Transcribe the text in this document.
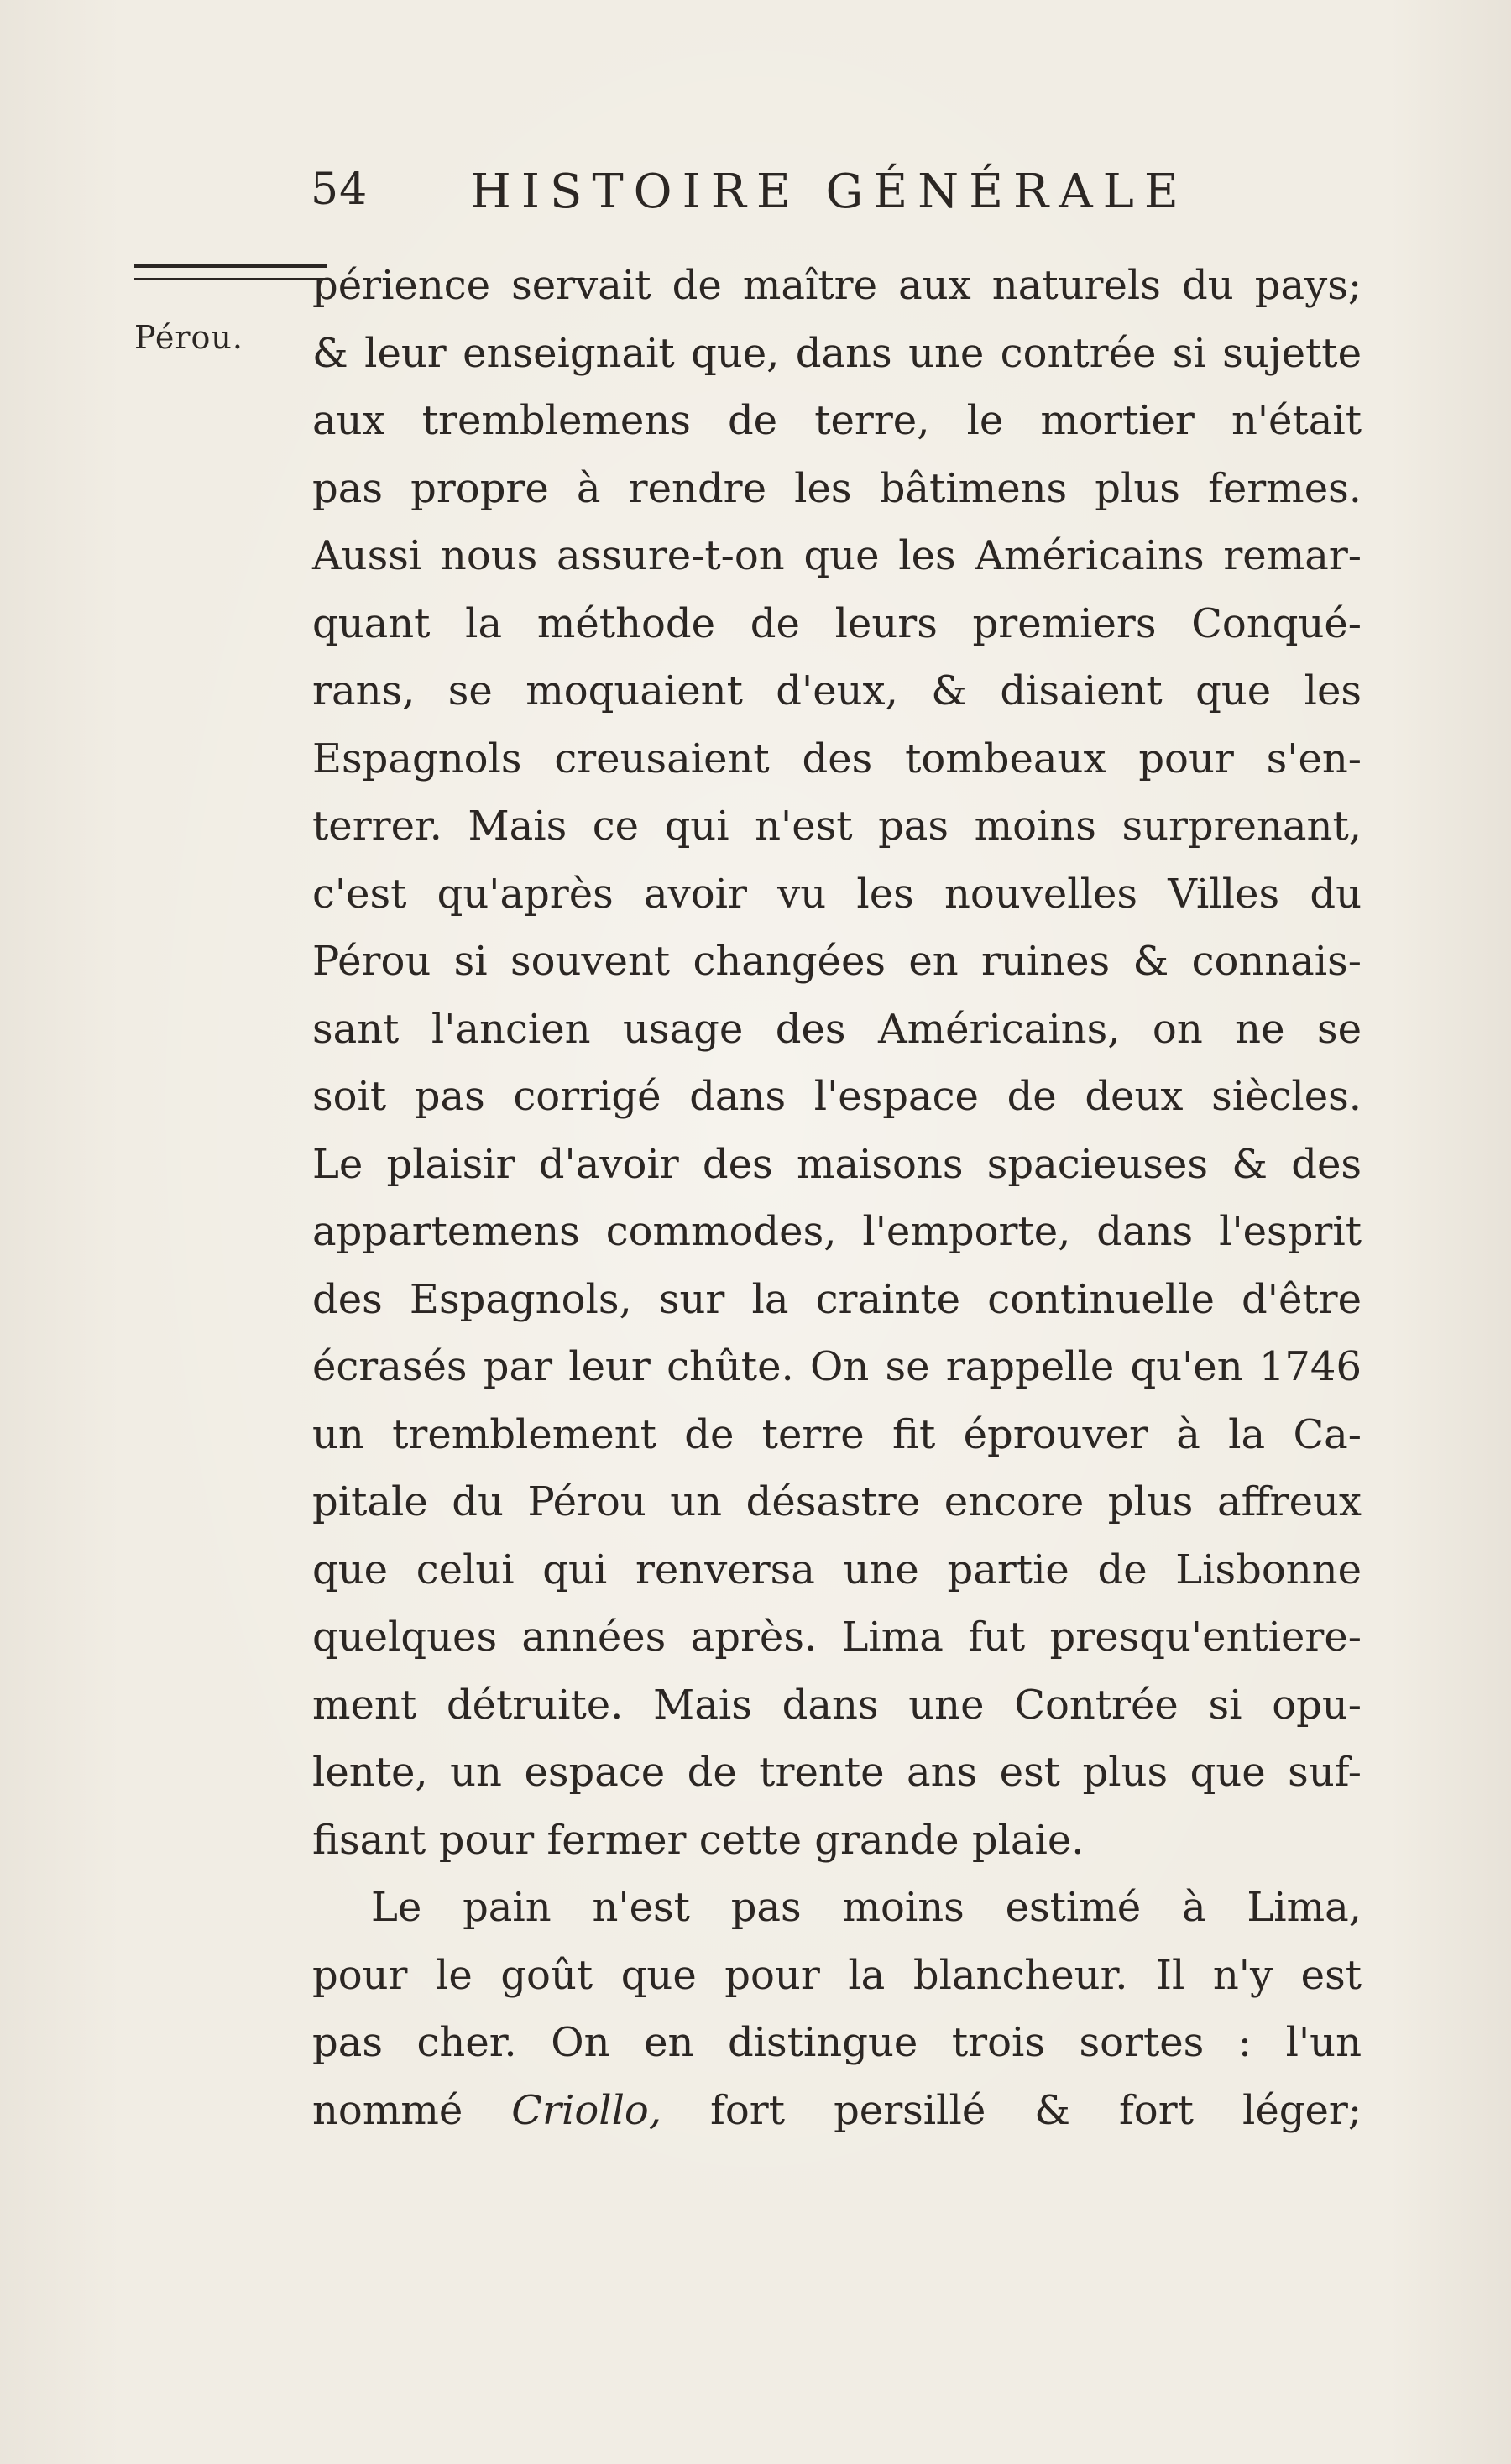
54 HISTOIRE GÉNÉRALE
Pérou.
périence servait de maître aux naturels du pays;
& leur enseignait que, dans une contrée si sujette
aux tremblemens de terre, le mortier n'était
pas propre à rendre les bâtimens plus fermes.
Aussi nous assure-t-on que les Américains remar-
quant la méthode de leurs premiers Conqué-
rans, se moquaient d'eux, & disaient que les
Espagnols creusaient des tombeaux pour s'en-
terrer. Mais ce qui n'est pas moins surprenant,
c'est qu'après avoir vu les nouvelles Villes du
Pérou si souvent changées en ruines & connais-
sant l'ancien usage des Américains, on ne se
soit pas corrigé dans l'espace de deux siècles.
Le plaisir d'avoir des maisons spacieuses & des
appartemens commodes, l'emporte, dans l'esprit
des Espagnols, sur la crainte continuelle d'être
écrasés par leur chûte. On se rappelle qu'en 1746
un tremblement de terre fit éprouver à la Ca-
pitale du Pérou un désastre encore plus affreux
que celui qui renversa une partie de Lisbonne
quelques années après. Lima fut presqu'entiere-
ment détruite. Mais dans une Contrée si opu-
lente, un espace de trente ans est plus que suf-
fisant pour fermer cette grande plaie.
Le pain n'est pas moins estimé à Lima,
pour le goût que pour la blancheur. Il n'y est
pas cher. On en distingue trois sortes : l'un
nommé Criollo, fort persillé & fort léger;
